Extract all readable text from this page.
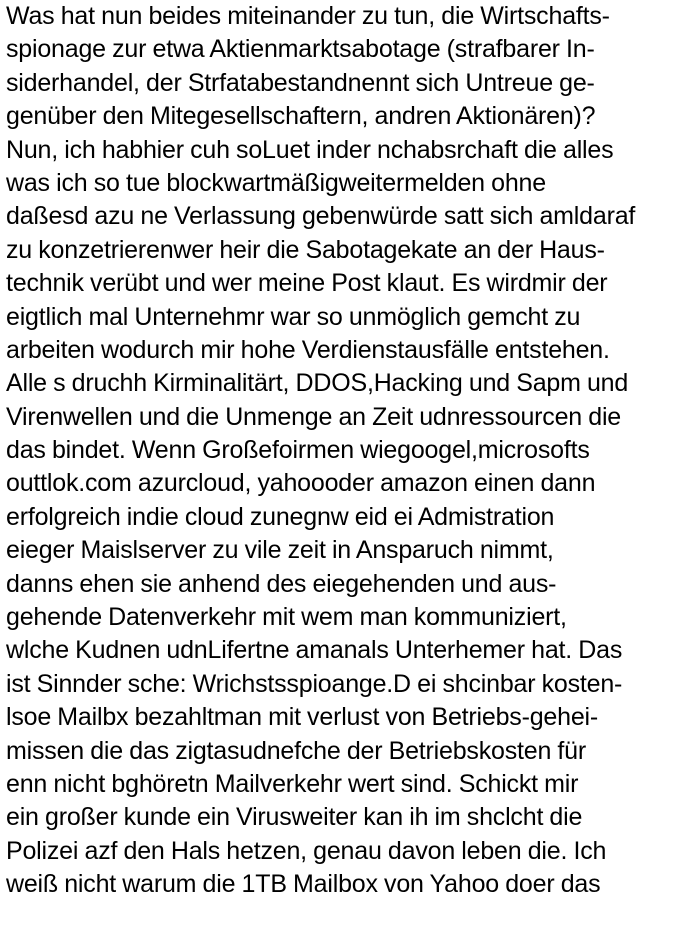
Was hat nun beides miteinander zu tun, die Wirtschafts-
spionage zur etwa Aktienmarktsabotage (strafbarer In-
siderhandel, der Strfatabestandnennt sich Untreue ge-
genüber den Mitegesellschaftern, andren Aktionären)?
Nun, ich habhier cuh soLuet inder nchabsrchaft die alles
was ich so tue blockwartmäßigweitermelden ohne
daßesd azu ne Verlassung gebenwürde satt sich amldaraf
zu konzetrierenwer heir die Sabotagekate an der Haus-
technik verübt und wer meine Post klaut. Es wirdmir der
eigtlich mal Unternehmr war so unmöglich gemcht zu
arbeiten wodurch mir hohe Verdienstausfälle entstehen.
Alle s druchh Kirminalitärt, DDOS,Hacking und Sapm und
Virenwellen und die Unmenge an Zeit udnressourcen die
das bindet. Wenn Großefoirmen wiegoogel,microsofts
outtlok.com azurcloud, yahoooder amazon einen dann
erfolgreich indie cloud zunegnw eid ei Admistration
eieger Maislserver zu vile zeit in Ansparuch nimmt,
danns ehen sie anhend des eiegehenden und aus-
gehende Datenverkehr mit wem man kommuniziert,
wlche Kudnen udnLifertne amanals Unterhemer hat. Das
ist Sinnder sche: Wrichstsspioange.D ei shcinbar kosten-
lsoe Mailbx bezahltman mit verlust von Betriebs-gehei-
missen die das zigtasudnefche der Betriebskosten für
enn nicht bghöretn Mailverkehr wert sind. Schickt mir
ein großer kunde ein Virusweiter kan ih im shclcht die
Polizei azf den Hals hetzen, genau davon leben die. Ich
weiß nicht warum die 1TB Mailbox von Yahoo doer das
